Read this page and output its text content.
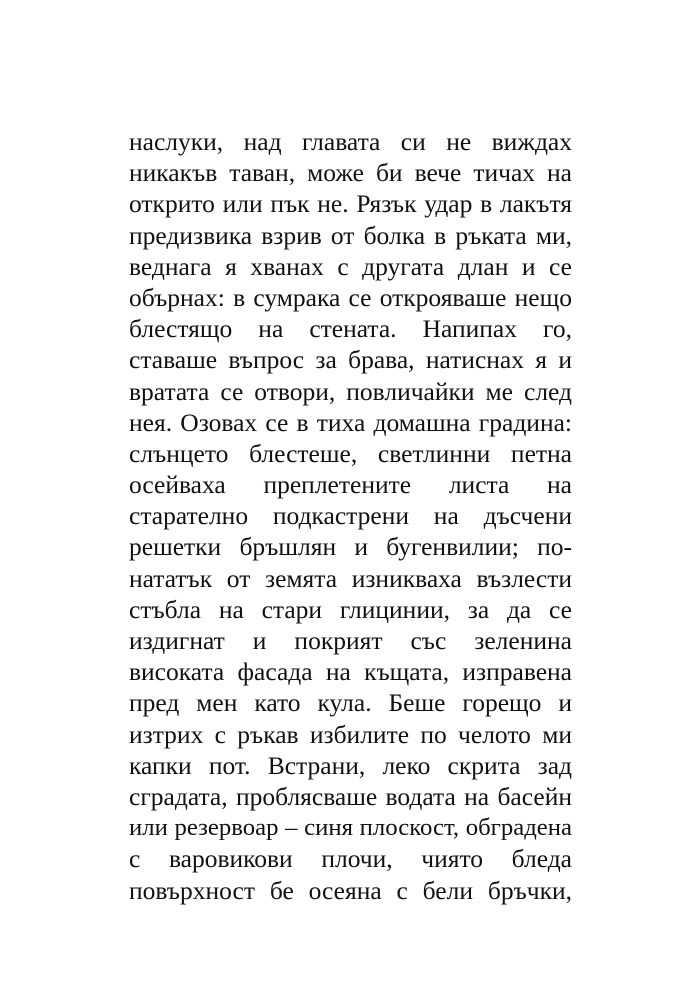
наслуки, над главата си не виждах
никакъв таван, може би вече тичах на
открито или пък не. Рязък удар в лакътя
предизвика взрив от болка в ръката ми,
веднага я хванах с другата длан и се
обърнах: в сумрака се открояваше нещо
блестящо на стената. Напипах го,
ставаше въпрос за брава, натиснах я и
вратата се отвори, повличайки ме след
нея. Озовах се в тиха домашна градина:
слънцето блестеше, светлинни петна
осейваха преплетените листа на
старателно подкастрени на дъсчени
решетки бръшлян и бугенвилии; по-
нататък от земята изникваха възлести
стъбла на стари глицинии, за да се
издигнат и покрият със зеленина
високата фасада на къщата, изправена
пред мен като кула. Беше горещо и
изтрих с ръкав избилите по челото ми
капки пот. Встрани, леко скрита зад
сградата, проблясваше водата на басейн
или резервоар – синя плоскост, обградена
с варовикови плочи, чиято бледа
повърхност бе осеяна с бели бръчки,
